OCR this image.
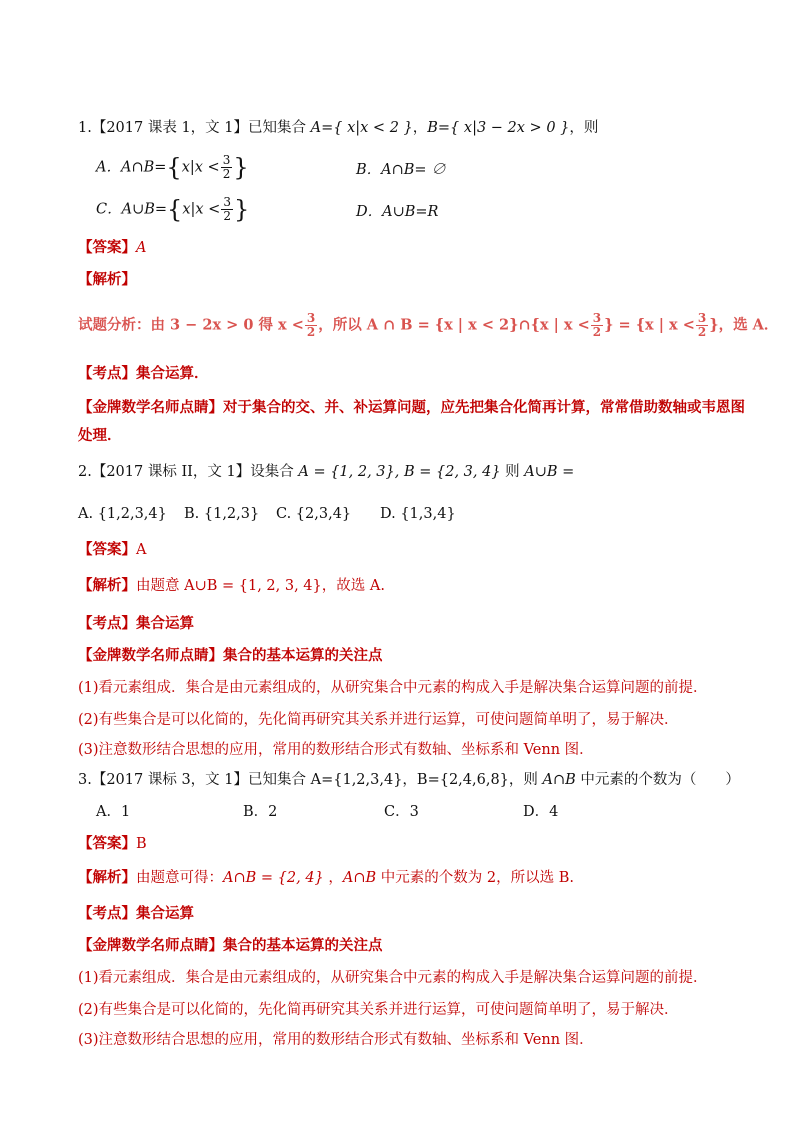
1.【2017 课表 1，文 1】已知集合 A={ x|x < 2 }，B={ x|3 − 2x > 0 }，则
A．A∩B={x|x < $\frac{3}{2}$ }	B．A∩B= ∅
C．A∪B={x|x < $\frac{3}{2}$ }	D．A∪B=R
【答案】A
【解析】
试题分析：由 3 − 2x > 0 得 $x < \frac{3}{2}$ ，所以 A ∩ B = {x | x < 2}∩{x | $x < \frac{3}{2}$ } = {x | $x < \frac{3}{2}$ }，选 A．
【考点】集合运算．
【金牌数学名师点睛】对于集合的交、并、补运算问题，应先把集合化简再计算，常常借助数轴或韦恩图
处理．
2.【2017 课标 II，文 1】设集合 A = {1, 2, 3}, B = {2, 3, 4} 则 A∪B =
A. {1,2,3,4} B. {1,2,3} C. {2,3,4} D. {1,3,4}
【答案】A
【解析】由题意 A∪B = {1, 2, 3, 4}，故选 A.
【考点】集合运算
【金牌数学名师点睛】集合的基本运算的关注点
(1)看元素组成．集合是由元素组成的，从研究集合中元素的构成入手是解决集合运算问题的前提．
(2)有些集合是可以化简的，先化简再研究其关系并进行运算，可使问题简单明了，易于解决．
(3)注意数形结合思想的应用，常用的数形结合形式有数轴、坐标系和 Venn 图．
3.【2017 课标 3，文 1】已知集合 A={1,2,3,4}，B={2,4,6,8}，则 A∩B 中元素的个数为（　　）
A．1	B．2	C．3	D．4
【答案】B
【解析】由题意可得：A∩B = {2, 4} ，A∩B 中元素的个数为 2，所以选 B.
【考点】集合运算
【金牌数学名师点睛】集合的基本运算的关注点
(1)看元素组成．集合是由元素组成的，从研究集合中元素的构成入手是解决集合运算问题的前提．
(2)有些集合是可以化简的，先化简再研究其关系并进行运算，可使问题简单明了，易于解决．
(3)注意数形结合思想的应用，常用的数形结合形式有数轴、坐标系和 Venn 图．
